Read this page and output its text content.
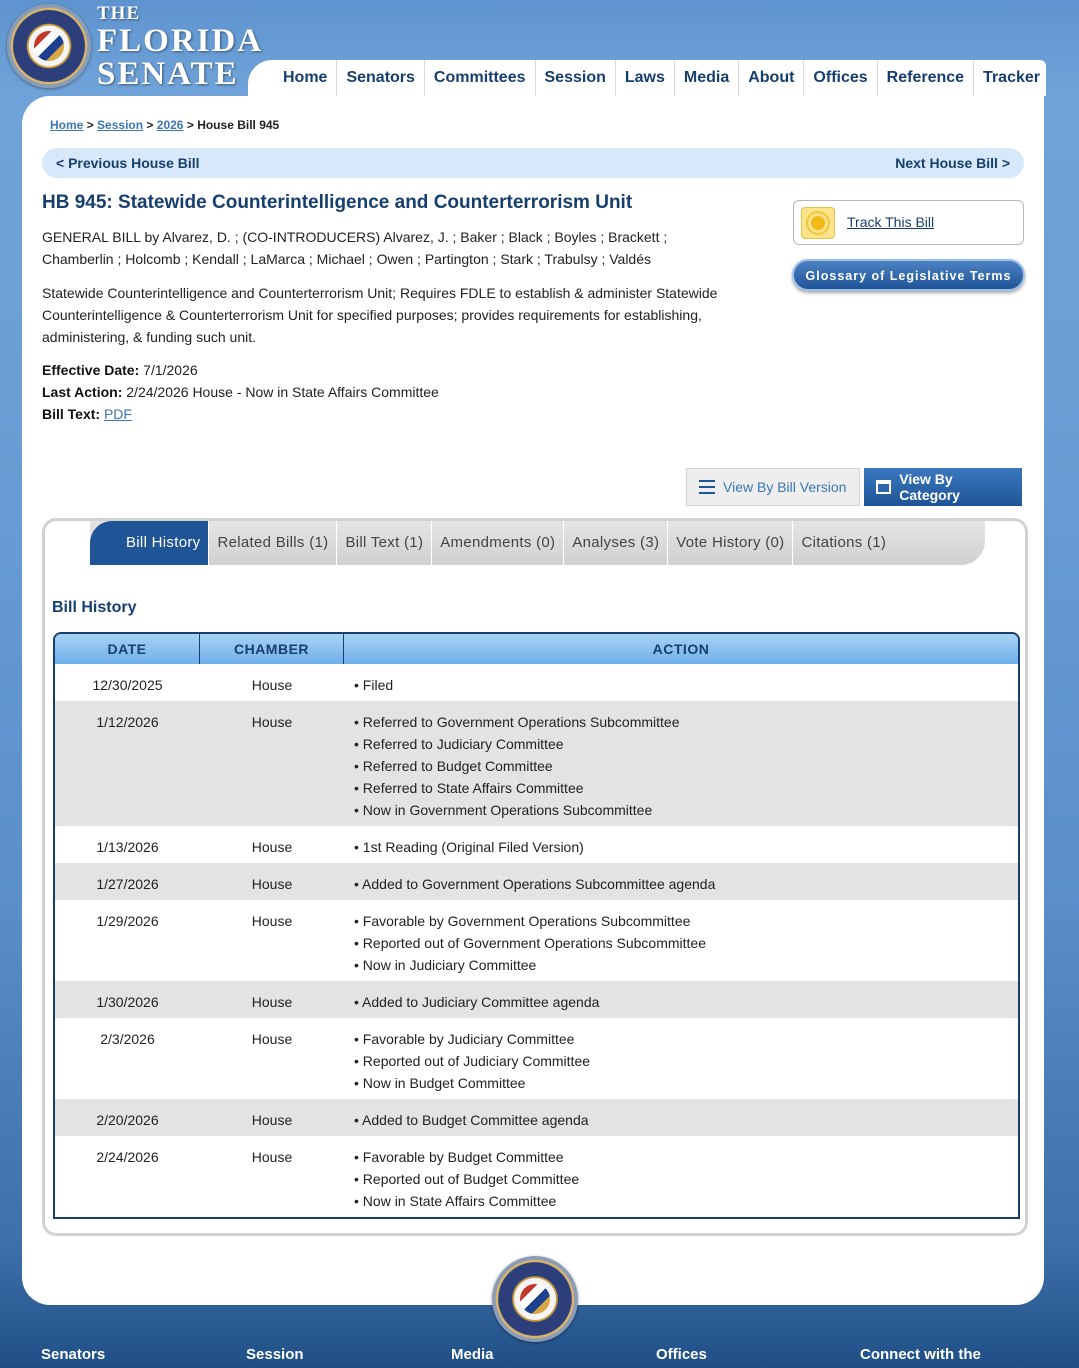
THE
FLORIDA
SENATE	Home	Senators	Committees	Session	Laws	Media	About	Offices	Reference	Tracker
Home > Session > 2026 > House Bill 945
< Previous House Bill	Next House Bill >
HB 945: Statewide Counterintelligence and Counterterrorism Unit

GENERAL BILL by Alvarez, D. ; (CO-INTRODUCERS) Alvarez, J. ; Baker ; Black ; Boyles ; Brackett ; Chamberlin ; Holcomb ; Kendall ; LaMarca ; Michael ; Owen ; Partington ; Stark ; Trabulsy ; Valdés

Statewide Counterintelligence and Counterterrorism Unit; Requires FDLE to establish & administer Statewide Counterintelligence & Counterterrorism Unit for specified purposes; provides requirements for establishing, administering, & funding such unit.

Effective Date: 7/1/2026
Last Action: 2/24/2026 House - Now in State Affairs Committee
Bill Text: PDF
Track This Bill
Glossary of Legislative Terms
View By Bill Version	View By Category
Bill History	Related Bills (1)	Bill Text (1)	Amendments (0)	Analyses (3)	Vote History (0)	Citations (1)
Bill History
DATE	CHAMBER	ACTION
12/30/2025	House	• Filed
1/12/2026	House	• Referred to Government Operations Subcommittee
• Referred to Judiciary Committee
• Referred to Budget Committee
• Referred to State Affairs Committee
• Now in Government Operations Subcommittee
1/13/2026	House	• 1st Reading (Original Filed Version)
1/27/2026	House	• Added to Government Operations Subcommittee agenda
1/29/2026	House	• Favorable by Government Operations Subcommittee
• Reported out of Government Operations Subcommittee
• Now in Judiciary Committee
1/30/2026	House	• Added to Judiciary Committee agenda
2/3/2026	House	• Favorable by Judiciary Committee
• Reported out of Judiciary Committee
• Now in Budget Committee
2/20/2026	House	• Added to Budget Committee agenda
2/24/2026	House	• Favorable by Budget Committee
• Reported out of Budget Committee
• Now in State Affairs Committee
Senators	Session	Media	Offices	Connect with the
